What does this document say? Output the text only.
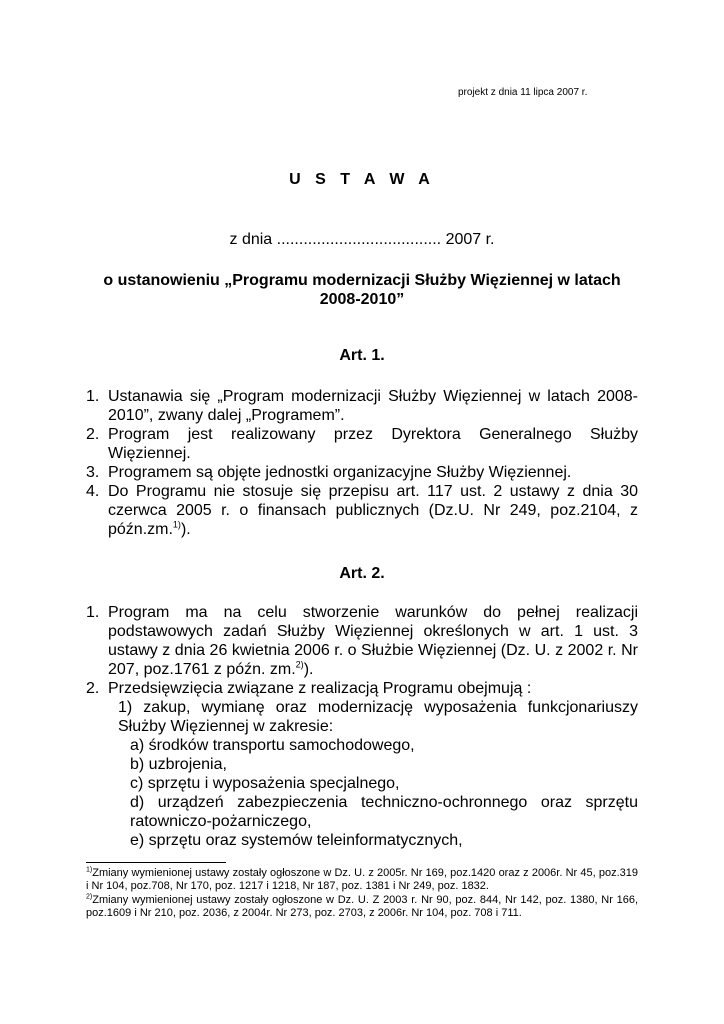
projekt z dnia 11 lipca 2007 r.
U S T A W A
z dnia ..................................... 2007 r.
o ustanowieniu „Programu modernizacji Służby Więziennej w latach 2008-2010”
Art. 1.
1. Ustanawia się „Program modernizacji Służby Więziennej w latach 2008-2010”, zwany dalej „Programem”.
2. Program jest realizowany przez Dyrektora Generalnego Służby Więziennej.
3. Programem są objęte jednostki organizacyjne Służby Więziennej.
4. Do Programu nie stosuje się przepisu art. 117 ust. 2 ustawy z dnia 30 czerwca 2005 r. o finansach publicznych (Dz.U. Nr 249, poz.2104, z późn.zm.$^{1)}$).
Art. 2.
1. Program ma na celu stworzenie warunków do pełnej realizacji podstawowych zadań Służby Więziennej określonych w art. 1 ust. 3 ustawy z dnia 26 kwietnia 2006 r. o Służbie Więziennej (Dz. U. z 2002 r. Nr 207, poz.1761 z późn. zm.$^{2)}$).
2. Przedsięwzięcia związane z realizacją Programu obejmują :
1) zakup, wymianę oraz modernizację wyposażenia funkcjonariuszy Służby Więziennej w zakresie:
a) środków transportu samochodowego,
b) uzbrojenia,
c) sprzętu i wyposażenia specjalnego,
d) urządzeń zabezpieczenia techniczno-ochronnego oraz sprzętu ratowniczo-pożarniczego,
e) sprzętu oraz systemów teleinformatycznych,

$^{1)}$Zmiany wymienionej ustawy zostały ogłoszone w Dz. U. z 2005r. Nr 169, poz.1420 oraz z 2006r. Nr 45, poz.319 i Nr 104, poz.708, Nr 170, poz. 1217 i 1218, Nr 187, poz. 1381 i Nr 249, poz. 1832.

$^{2)}$Zmiany wymienionej ustawy zostały ogłoszone w Dz. U. Z 2003 r. Nr 90, poz. 844, Nr 142, poz. 1380, Nr 166, poz.1609 i Nr 210, poz. 2036, z 2004r. Nr 273, poz. 2703, z 2006r. Nr 104, poz. 708 i 711.
